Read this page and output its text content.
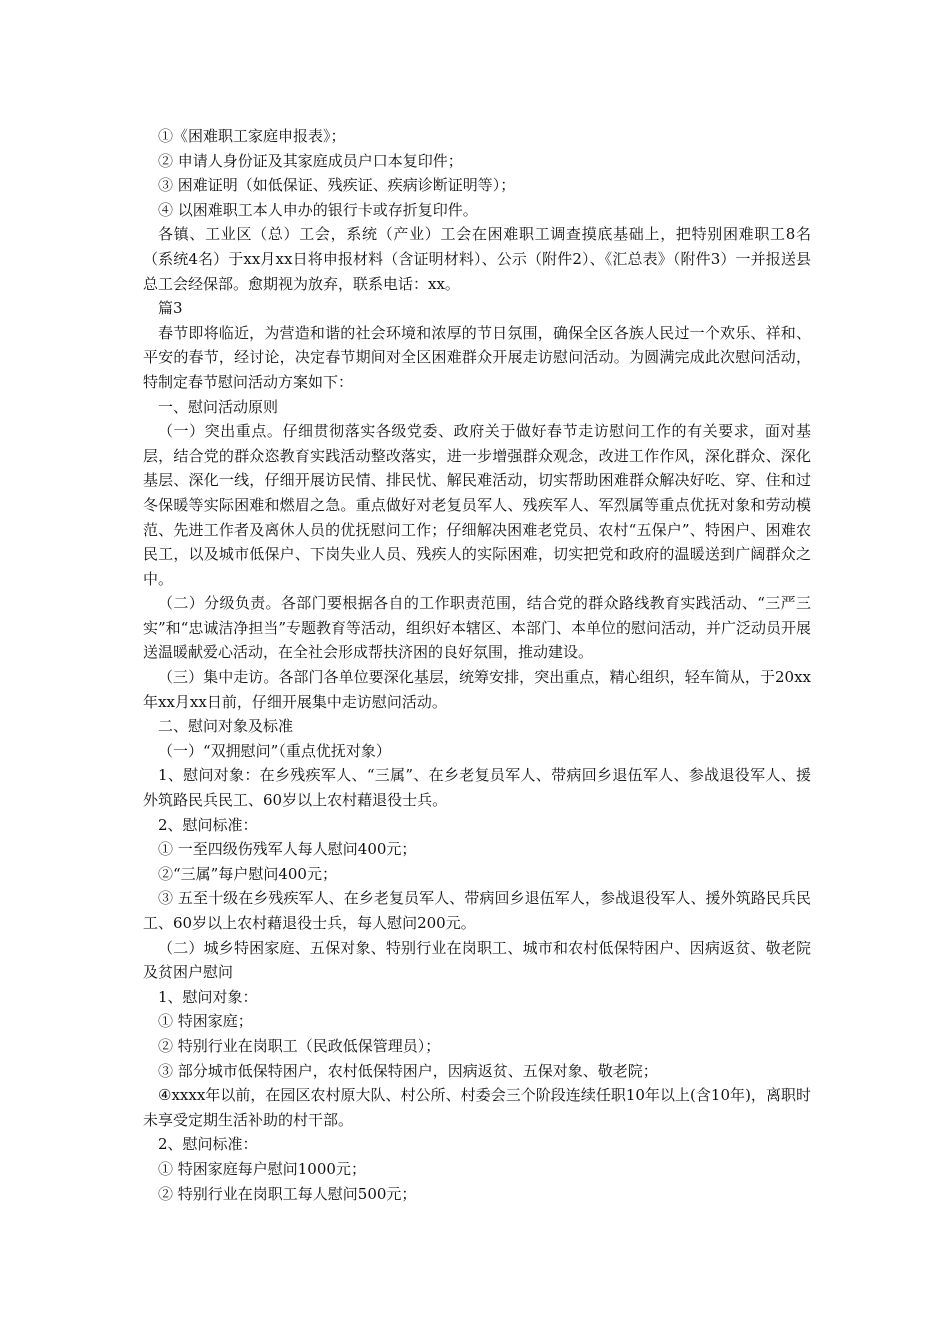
①《困难职工家庭申报表》；

② 申请人身份证及其家庭成员户口本复印件；

③ 困难证明（如低保证、残疾证、疾病诊断证明等）；

④ 以困难职工本人申办的银行卡或存折复印件。

各镇、工业区（总）工会，系统（产业）工会在困难职工调查摸底基础上，把特别困难职工8名（系统4名）于xx月xx日将申报材料（含证明材料）、公示（附件2）、《汇总表》（附件3）一并报送县总工会经保部。愈期视为放弃，联系电话：xx。

篇3

春节即将临近，为营造和谐的社会环境和浓厚的节日氛围，确保全区各族人民过一个欢乐、祥和、平安的春节，经讨论，决定春节期间对全区困难群众开展走访慰问活动。为圆满完成此次慰问活动，特制定春节慰问活动方案如下：

一、慰问活动原则

（一）突出重点。仔细贯彻落实各级党委、政府关于做好春节走访慰问工作的有关要求，面对基层，结合党的群众恣教育实践活动整改落实，进一步增强群众观念，改进工作作风，深化群众、深化基层、深化一线，仔细开展访民情、排民忧、解民难活动，切实帮助困难群众解决好吃、穿、住和过冬保暖等实际困难和燃眉之急。重点做好对老复员军人、残疾军人、军烈属等重点优抚对象和劳动模范、先进工作者及离休人员的优抚慰问工作；仔细解决困难老党员、农村“五保户”、特困户、困难农民工，以及城市低保户、下岗失业人员、残疾人的实际困难，切实把党和政府的温暖送到广阔群众之中。

（二）分级负责。各部门要根据各自的工作职责范围，结合党的群众路线教育实践活动、“三严三实”和“忠诚洁净担当”专题教育等活动，组织好本辖区、本部门、本单位的慰问活动，并广泛动员开展送温暖献爱心活动，在全社会形成帮扶济困的良好氛围，推动建设。

（三）集中走访。各部门各单位要深化基层，统筹安排，突出重点，精心组织，轻车简从，于20xx年xx月xx日前，仔细开展集中走访慰问活动。

二、慰问对象及标准

（一）“双拥慰问”（重点优抚对象）

1、慰问对象：在乡残疾军人、“三属”、在乡老复员军人、带病回乡退伍军人、参战退役军人、援外筑路民兵民工、60岁以上农村藉退役士兵。

2、慰问标准：

① 一至四级伤残军人每人慰问400元；

②“三属”每户慰问400元；

③ 五至十级在乡残疾军人、在乡老复员军人、带病回乡退伍军人，参战退役军人、援外筑路民兵民工、60岁以上农村藉退役士兵，每人慰问200元。

（二）城乡特困家庭、五保对象、特别行业在岗职工、城市和农村低保特困户、因病返贫、敬老院及贫困户慰问

1、慰问对象：

① 特困家庭；

② 特别行业在岗职工（民政低保管理员）；

③ 部分城市低保特困户，农村低保特困户，因病返贫、五保对象、敬老院；

④xxxx年以前，在园区农村原大队、村公所、村委会三个阶段连续任职10年以上(含10年)，离职时未享受定期生活补助的村干部。

2、慰问标准：

① 特困家庭每户慰问1000元；

② 特别行业在岗职工每人慰问500元；
